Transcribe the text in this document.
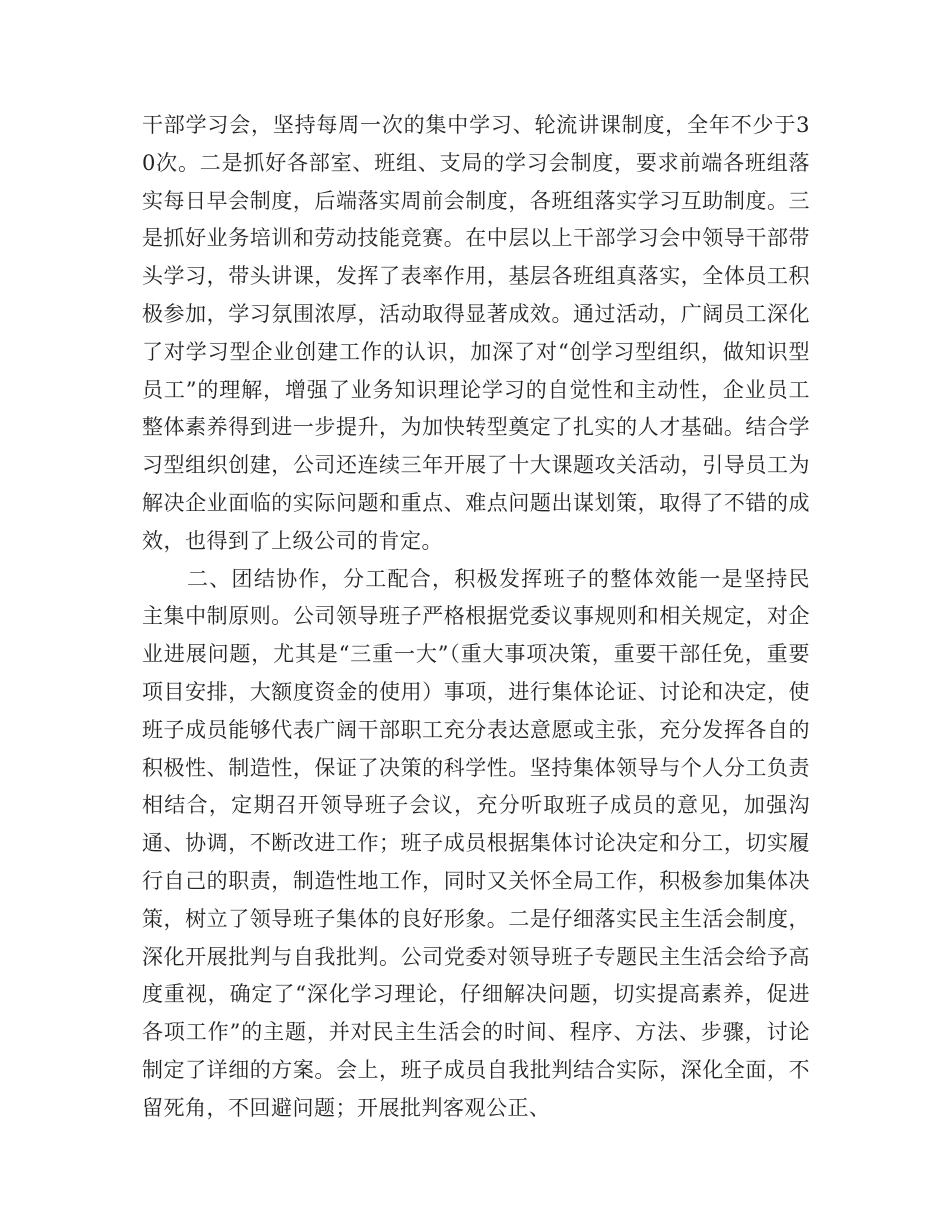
干部学习会，坚持每周一次的集中学习、轮流讲课制度，全年不少于30次。二是抓好各部室、班组、支局的学习会制度，要求前端各班组落实每日早会制度，后端落实周前会制度，各班组落实学习互助制度。三是抓好业务培训和劳动技能竞赛。在中层以上干部学习会中领导干部带头学习，带头讲课，发挥了表率作用，基层各班组真落实，全体员工积极参加，学习氛围浓厚，活动取得显著成效。通过活动，广阔员工深化了对学习型企业创建工作的认识，加深了对“创学习型组织，做知识型员工”的理解，增强了业务知识理论学习的自觉性和主动性，企业员工整体素养得到进一步提升，为加快转型奠定了扎实的人才基础。结合学习型组织创建，公司还连续三年开展了十大课题攻关活动，引导员工为解决企业面临的实际问题和重点、难点问题出谋划策，取得了不错的成效，也得到了上级公司的肯定。

二、团结协作，分工配合，积极发挥班子的整体效能一是坚持民主集中制原则。公司领导班子严格根据党委议事规则和相关规定，对企业进展问题，尤其是“三重一大”（重大事项决策，重要干部任免，重要项目安排，大额度资金的使用）事项，进行集体论证、讨论和决定，使班子成员能够代表广阔干部职工充分表达意愿或主张，充分发挥各自的积极性、制造性，保证了决策的科学性。坚持集体领导与个人分工负责相结合，定期召开领导班子会议，充分听取班子成员的意见，加强沟通、协调，不断改进工作；班子成员根据集体讨论决定和分工，切实履行自己的职责，制造性地工作，同时又关怀全局工作，积极参加集体决策，树立了领导班子集体的良好形象。二是仔细落实民主生活会制度，深化开展批判与自我批判。公司党委对领导班子专题民主生活会给予高度重视，确定了“深化学习理论，仔细解决问题，切实提高素养，促进各项工作”的主题，并对民主生活会的时间、程序、方法、步骤，讨论制定了详细的方案。会上，班子成员自我批判结合实际，深化全面，不留死角，不回避问题；开展批判客观公正、
